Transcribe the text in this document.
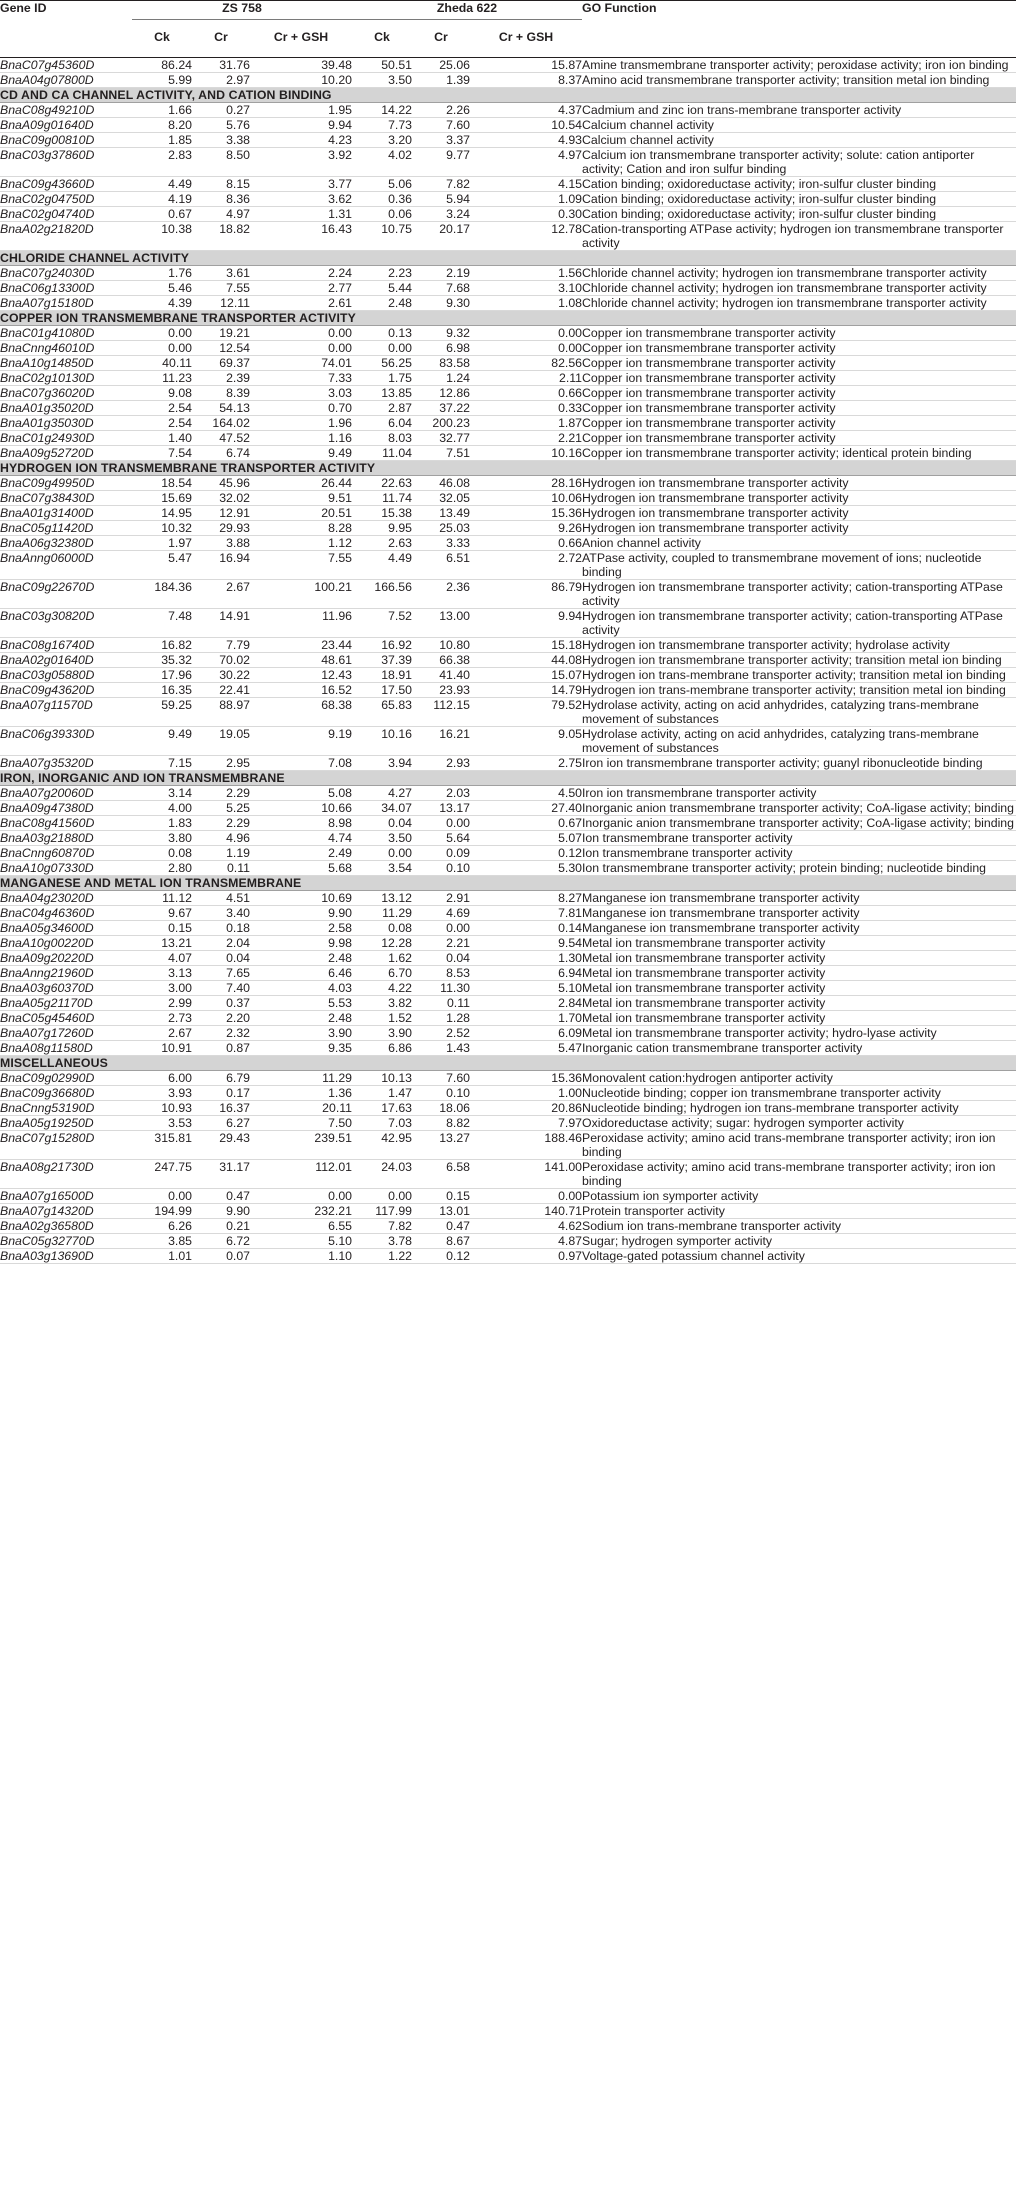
Gene ID	ZS 758			Zheda 622			GO Function
	Ck	Cr	Cr + GSH	Ck	Cr	Cr + GSH	
BnaC07g45360D	86.24	31.76	39.48	50.51	25.06	15.87	Amine transmembrane transporter activity; peroxidase activity; iron ion binding
BnaA04g07800D	5.99	2.97	10.20	3.50	1.39	8.37	Amino acid transmembrane transporter activity; transition metal ion binding
CD AND CA CHANNEL ACTIVITY, AND CATION BINDING							
BnaC08g49210D	1.66	0.27	1.95	14.22	2.26	4.37	Cadmium and zinc ion trans-membrane transporter activity
BnaA09g01640D	8.20	5.76	9.94	7.73	7.60	10.54	Calcium channel activity
BnaC09g00810D	1.85	3.38	4.23	3.20	3.37	4.93	Calcium channel activity
BnaC03g37860D	2.83	8.50	3.92	4.02	9.77	4.97	Calcium ion transmembrane transporter activity; solute: cation antiporter activity; Cation and iron sulfur binding
BnaC09g43660D	4.49	8.15	3.77	5.06	7.82	4.15	Cation binding; oxidoreductase activity; iron-sulfur cluster binding
BnaC02g04750D	4.19	8.36	3.62	0.36	5.94	1.09	Cation binding; oxidoreductase activity; iron-sulfur cluster binding
BnaC02g04740D	0.67	4.97	1.31	0.06	3.24	0.30	Cation binding; oxidoreductase activity; iron-sulfur cluster binding
BnaA02g21820D	10.38	18.82	16.43	10.75	20.17	12.78	Cation-transporting ATPase activity; hydrogen ion transmembrane transporter activity
CHLORIDE CHANNEL ACTIVITY							
BnaC07g24030D	1.76	3.61	2.24	2.23	2.19	1.56	Chloride channel activity; hydrogen ion transmembrane transporter activity
BnaC06g13300D	5.46	7.55	2.77	5.44	7.68	3.10	Chloride channel activity; hydrogen ion transmembrane transporter activity
BnaA07g15180D	4.39	12.11	2.61	2.48	9.30	1.08	Chloride channel activity; hydrogen ion transmembrane transporter activity
COPPER ION TRANSMEMBRANE TRANSPORTER ACTIVITY							
BnaC01g41080D	0.00	19.21	0.00	0.13	9.32	0.00	Copper ion transmembrane transporter activity
BnaCnng46010D	0.00	12.54	0.00	0.00	6.98	0.00	Copper ion transmembrane transporter activity
BnaA10g14850D	40.11	69.37	74.01	56.25	83.58	82.56	Copper ion transmembrane transporter activity
BnaC02g10130D	11.23	2.39	7.33	1.75	1.24	2.11	Copper ion transmembrane transporter activity
BnaC07g36020D	9.08	8.39	3.03	13.85	12.86	0.66	Copper ion transmembrane transporter activity
BnaA01g35020D	2.54	54.13	0.70	2.87	37.22	0.33	Copper ion transmembrane transporter activity
BnaA01g35030D	2.54	164.02	1.96	6.04	200.23	1.87	Copper ion transmembrane transporter activity
BnaC01g24930D	1.40	47.52	1.16	8.03	32.77	2.21	Copper ion transmembrane transporter activity
BnaA09g52720D	7.54	6.74	9.49	11.04	7.51	10.16	Copper ion transmembrane transporter activity; identical protein binding
HYDROGEN ION TRANSMEMBRANE TRANSPORTER ACTIVITY							
BnaC09g49950D	18.54	45.96	26.44	22.63	46.08	28.16	Hydrogen ion transmembrane transporter activity
BnaC07g38430D	15.69	32.02	9.51	11.74	32.05	10.06	Hydrogen ion transmembrane transporter activity
BnaA01g31400D	14.95	12.91	20.51	15.38	13.49	15.36	Hydrogen ion transmembrane transporter activity
BnaC05g11420D	10.32	29.93	8.28	9.95	25.03	9.26	Hydrogen ion transmembrane transporter activity
BnaA06g32380D	1.97	3.88	1.12	2.63	3.33	0.66	Anion channel activity
BnaAnng06000D	5.47	16.94	7.55	4.49	6.51	2.72	ATPase activity, coupled to transmembrane movement of ions; nucleotide binding
BnaC09g22670D	184.36	2.67	100.21	166.56	2.36	86.79	Hydrogen ion transmembrane transporter activity; cation-transporting ATPase activity
BnaC03g30820D	7.48	14.91	11.96	7.52	13.00	9.94	Hydrogen ion transmembrane transporter activity; cation-transporting ATPase activity
BnaC08g16740D	16.82	7.79	23.44	16.92	10.80	15.18	Hydrogen ion transmembrane transporter activity; hydrolase activity
BnaA02g01640D	35.32	70.02	48.61	37.39	66.38	44.08	Hydrogen ion transmembrane transporter activity; transition metal ion binding
BnaC03g05880D	17.96	30.22	12.43	18.91	41.40	15.07	Hydrogen ion trans-membrane transporter activity; transition metal ion binding
BnaC09g43620D	16.35	22.41	16.52	17.50	23.93	14.79	Hydrogen ion trans-membrane transporter activity; transition metal ion binding
BnaA07g11570D	59.25	88.97	68.38	65.83	112.15	79.52	Hydrolase activity, acting on acid anhydrides, catalyzing trans-membrane movement of substances
BnaC06g39330D	9.49	19.05	9.19	10.16	16.21	9.05	Hydrolase activity, acting on acid anhydrides, catalyzing trans-membrane movement of substances
BnaA07g35320D	7.15	2.95	7.08	3.94	2.93	2.75	Iron ion transmembrane transporter activity; guanyl ribonucleotide binding
IRON, INORGANIC AND ION TRANSMEMBRANE							
BnaA07g20060D	3.14	2.29	5.08	4.27	2.03	4.50	Iron ion transmembrane transporter activity
BnaA09g47380D	4.00	5.25	10.66	34.07	13.17	27.40	Inorganic anion transmembrane transporter activity; CoA-ligase activity; binding
BnaC08g41560D	1.83	2.29	8.98	0.04	0.00	0.67	Inorganic anion transmembrane transporter activity; CoA-ligase activity; binding
BnaA03g21880D	3.80	4.96	4.74	3.50	5.64	5.07	Ion transmembrane transporter activity
BnaCnng60870D	0.08	1.19	2.49	0.00	0.09	0.12	Ion transmembrane transporter activity
BnaA10g07330D	2.80	0.11	5.68	3.54	0.10	5.30	Ion transmembrane transporter activity; protein binding; nucleotide binding
MANGANESE AND METAL ION TRANSMEMBRANE							
BnaA04g23020D	11.12	4.51	10.69	13.12	2.91	8.27	Manganese ion transmembrane transporter activity
BnaC04g46360D	9.67	3.40	9.90	11.29	4.69	7.81	Manganese ion transmembrane transporter activity
BnaA05g34600D	0.15	0.18	2.58	0.08	0.00	0.14	Manganese ion transmembrane transporter activity
BnaA10g00220D	13.21	2.04	9.98	12.28	2.21	9.54	Metal ion transmembrane transporter activity
BnaA09g20220D	4.07	0.04	2.48	1.62	0.04	1.30	Metal ion transmembrane transporter activity
BnaAnng21960D	3.13	7.65	6.46	6.70	8.53	6.94	Metal ion transmembrane transporter activity
BnaA03g60370D	3.00	7.40	4.03	4.22	11.30	5.10	Metal ion transmembrane transporter activity
BnaA05g21170D	2.99	0.37	5.53	3.82	0.11	2.84	Metal ion transmembrane transporter activity
BnaC05g45460D	2.73	2.20	2.48	1.52	1.28	1.70	Metal ion transmembrane transporter activity
BnaA07g17260D	2.67	2.32	3.90	3.90	2.52	6.09	Metal ion transmembrane transporter activity; hydro-lyase activity
BnaA08g11580D	10.91	0.87	9.35	6.86	1.43	5.47	Inorganic cation transmembrane transporter activity
MISCELLANEOUS							
BnaC09g02990D	6.00	6.79	11.29	10.13	7.60	15.36	Monovalent cation:hydrogen antiporter activity
BnaC09g36680D	3.93	0.17	1.36	1.47	0.10	1.00	Nucleotide binding; copper ion transmembrane transporter activity
BnaCnng53190D	10.93	16.37	20.11	17.63	18.06	20.86	Nucleotide binding; hydrogen ion trans-membrane transporter activity
BnaA05g19250D	3.53	6.27	7.50	7.03	8.82	7.97	Oxidoreductase activity; sugar: hydrogen symporter activity
BnaC07g15280D	315.81	29.43	239.51	42.95	13.27	188.46	Peroxidase activity; amino acid trans-membrane transporter activity; iron ion binding
BnaA08g21730D	247.75	31.17	112.01	24.03	6.58	141.00	Peroxidase activity; amino acid trans-membrane transporter activity; iron ion binding
BnaA07g16500D	0.00	0.47	0.00	0.00	0.15	0.00	Potassium ion symporter activity
BnaA07g14320D	194.99	9.90	232.21	117.99	13.01	140.71	Protein transporter activity
BnaA02g36580D	6.26	0.21	6.55	7.82	0.47	4.62	Sodium ion trans-membrane transporter activity
BnaC05g32770D	3.85	6.72	5.10	3.78	8.67	4.87	Sugar; hydrogen symporter activity
BnaA03g13690D	1.01	0.07	1.10	1.22	0.12	0.97	Voltage-gated potassium channel activity
